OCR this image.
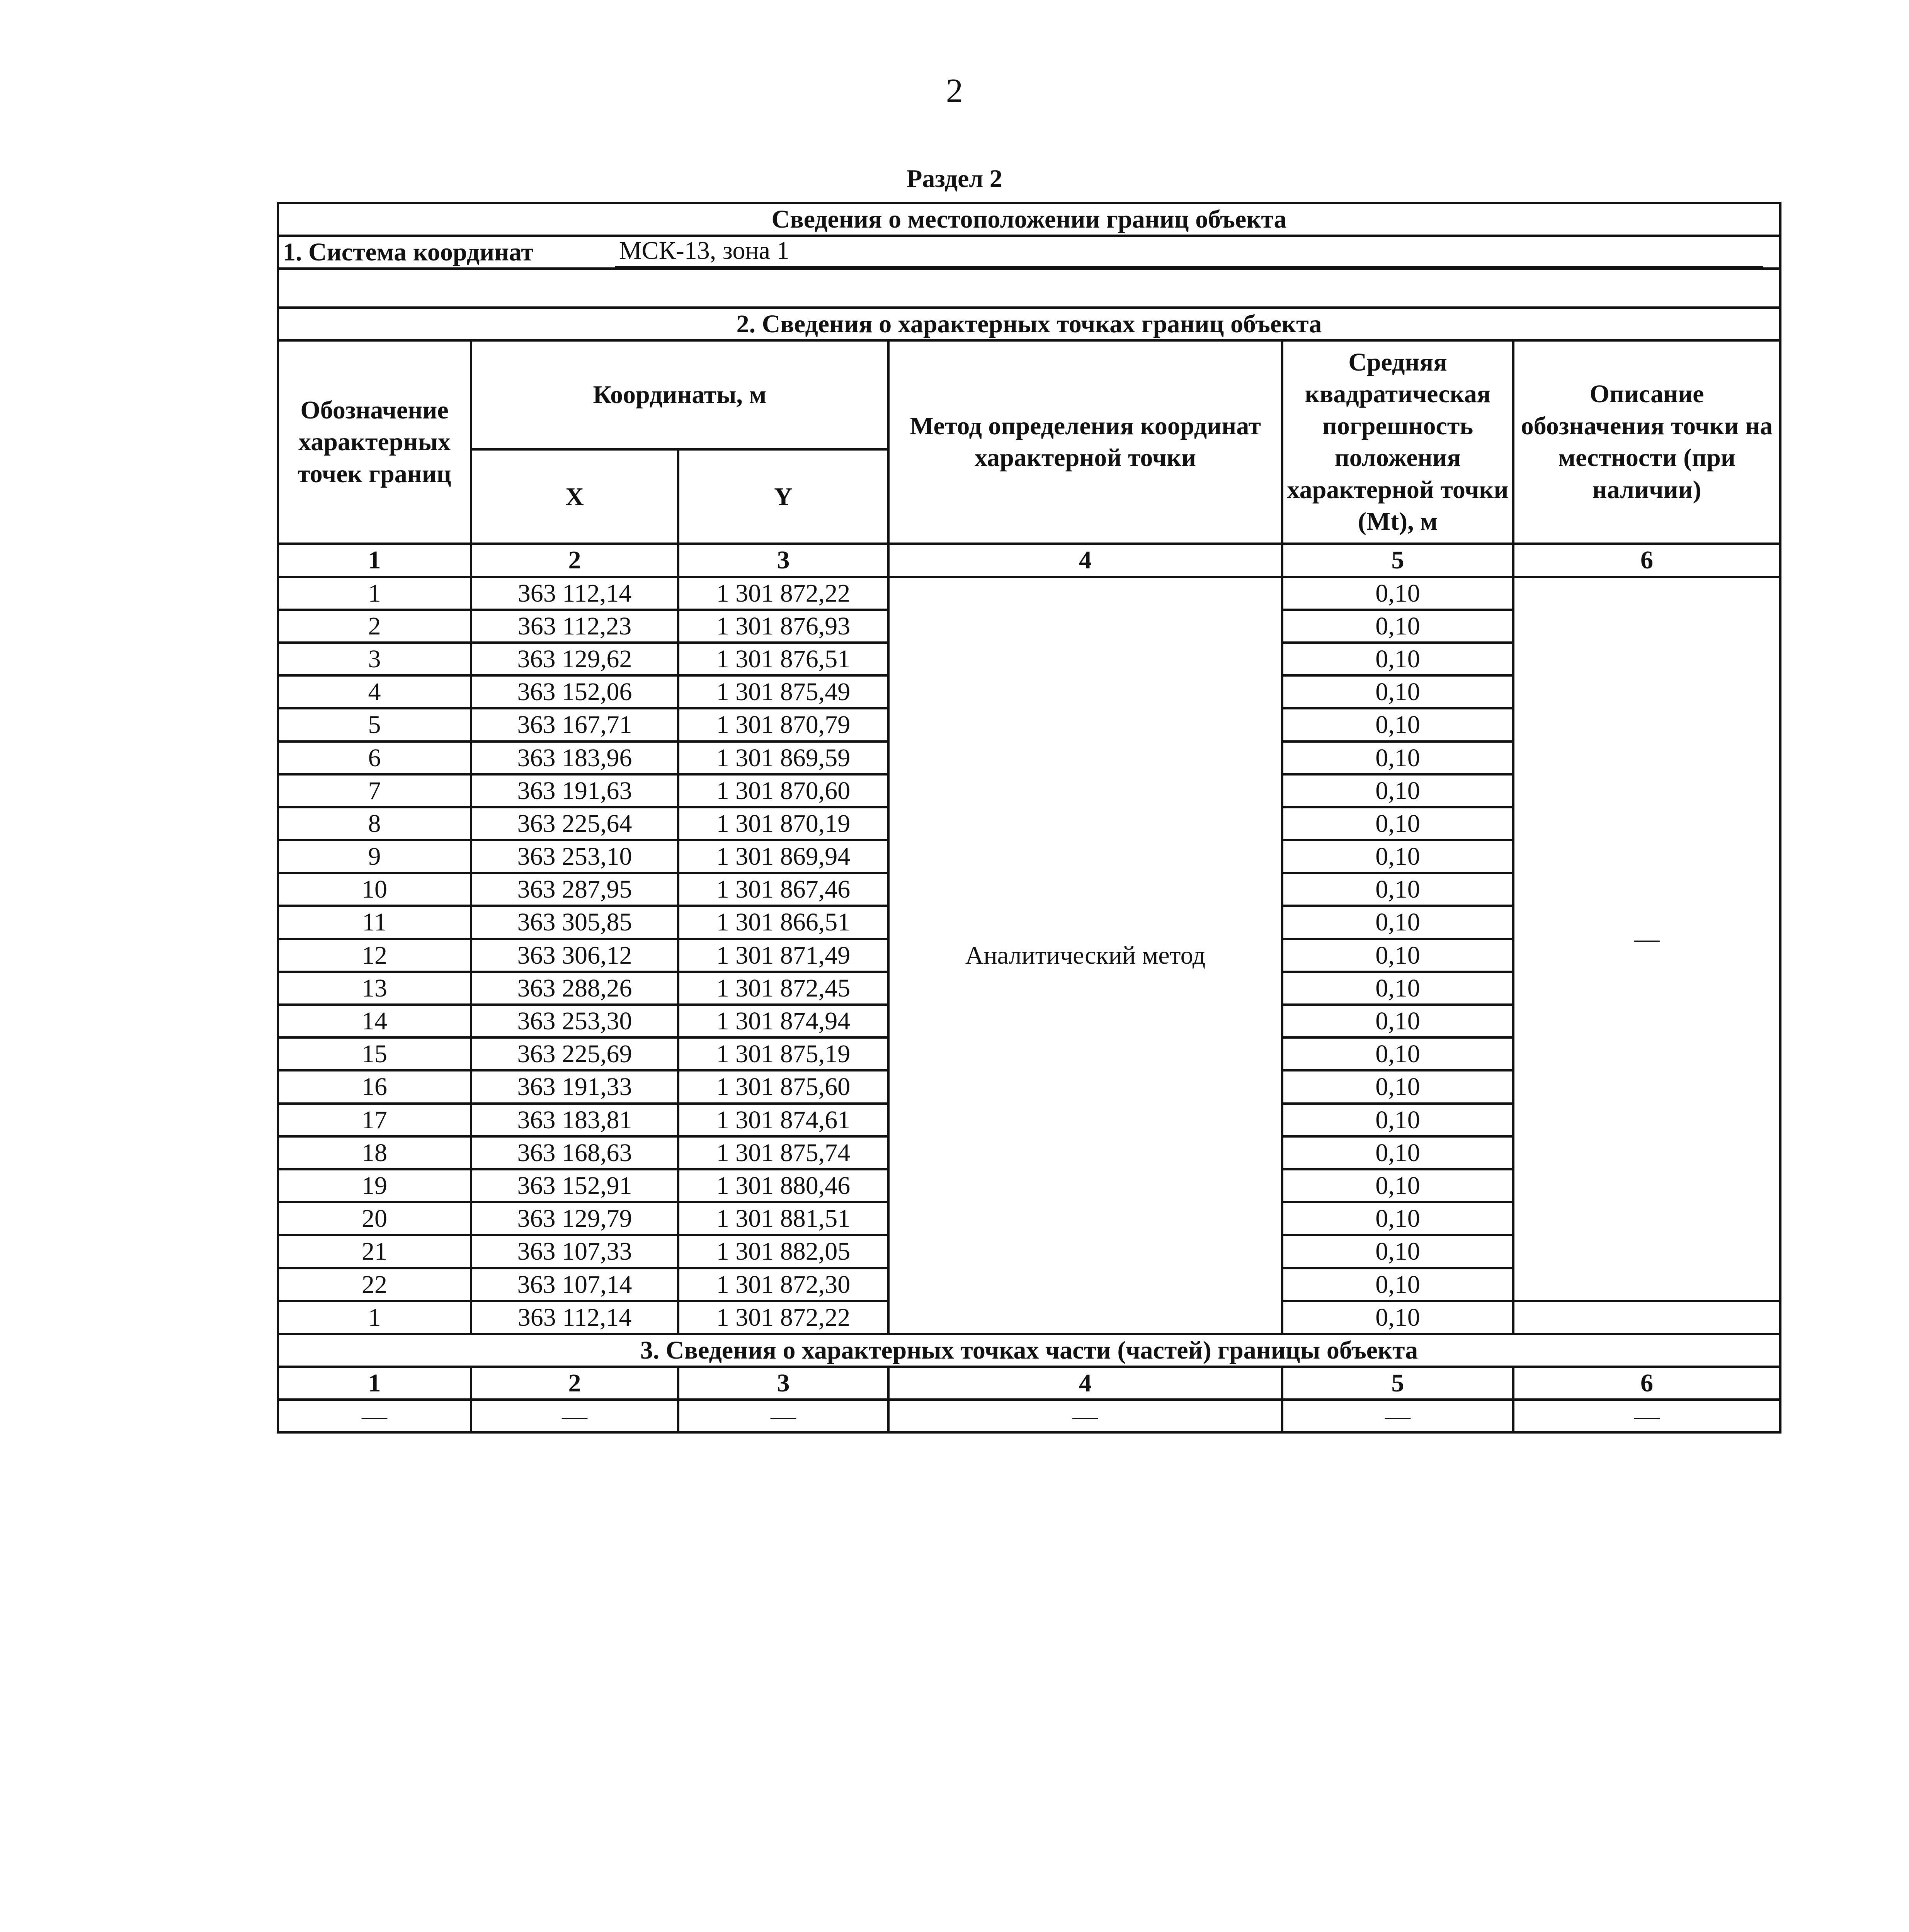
2
Раздел 2
Сведения о местоположении границ объекта					

1. Система координат МСК-13, зона 1					

2. Сведения о характерных точках границ объекта					
Обозначение характерных точек границ	Координаты, м		Метод определения координат характерной точки	Средняя квадратическая погрешность положения характерной точки (Mt), м	Описание обозначения точки на местности (при наличии)
	X	Y			
1	2	3	4	5	6
1	363 112,14	1 301 872,22	Аналитический метод	0,10	—
2	363 112,23	1 301 876,93		0,10	
3	363 129,62	1 301 876,51		0,10	
4	363 152,06	1 301 875,49		0,10	
5	363 167,71	1 301 870,79		0,10	
6	363 183,96	1 301 869,59		0,10	
7	363 191,63	1 301 870,60		0,10	
8	363 225,64	1 301 870,19		0,10	
9	363 253,10	1 301 869,94		0,10	
10	363 287,95	1 301 867,46		0,10	
11	363 305,85	1 301 866,51		0,10	
12	363 306,12	1 301 871,49		0,10	
13	363 288,26	1 301 872,45		0,10	
14	363 253,30	1 301 874,94		0,10	
15	363 225,69	1 301 875,19		0,10	
16	363 191,33	1 301 875,60		0,10	
17	363 183,81	1 301 874,61		0,10	
18	363 168,63	1 301 875,74		0,10	
19	363 152,91	1 301 880,46		0,10	
20	363 129,79	1 301 881,51		0,10	
21	363 107,33	1 301 882,05		0,10	
22	363 107,14	1 301 872,30		0,10	
1	363 112,14	1 301 872,22		0,10	
3. Сведения о характерных точках части (частей) границы объекта					
1	2	3	4	5	6
—	—	—	—	—	—
